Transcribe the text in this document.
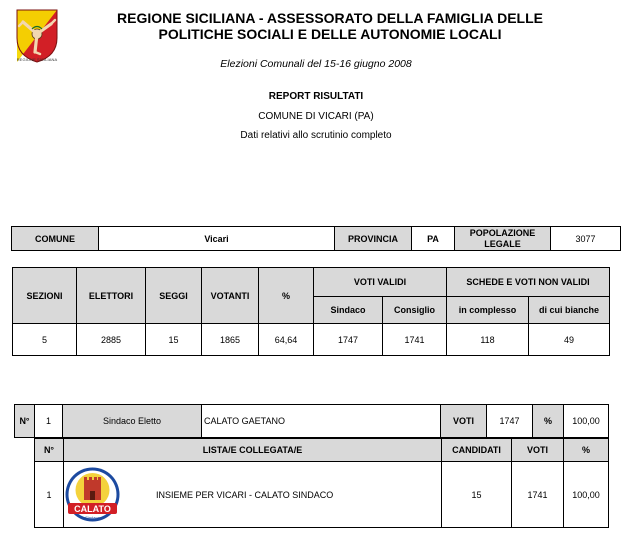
REGIONE SICILIANA
REGIONE SICILIANA - ASSESSORATO DELLA FAMIGLIA DELLE
POLITICHE SOCIALI E DELLE AUTONOMIE LOCALI
Elezioni Comunali del 15-16 giugno 2008
REPORT RISULTATI
COMUNE DI VICARI (PA)
Dati relativi allo scrutinio completo
COMUNE	Vicari	PROVINCIA	PA	POPOLAZIONE LEGALE	3077
SEZIONI	ELETTORI	SEGGI	VOTANTI	%	VOTI VALIDI		SCHEDE E VOTI NON VALIDI	
					Sindaco	Consiglio	in complesso	di cui bianche
5	2885	15	1865	64,64	1747	1741	118	49
N°	1	Sindaco Eletto	CALATO GAETANO	VOTI	1747	%	100,00
N°	LISTA/E COLLEGATA/E	CANDIDATI	VOTI	%
1	INSIEME PER VICARI - CALATO SINDACO	15	1741	100,00
CALATO
Sindaco
